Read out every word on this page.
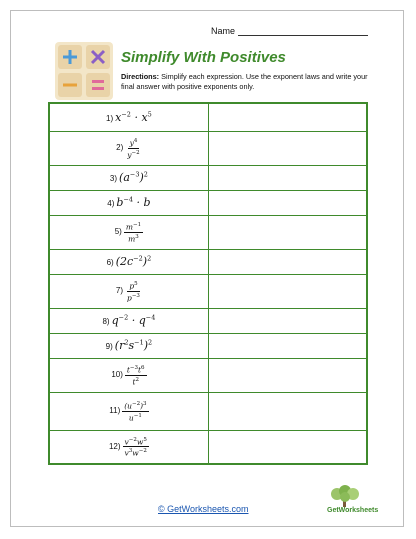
Name
Simplify With Positives
Directions: Simplify each expression. Use the exponent laws and write your final answer with positive exponents only.
1) $x^{-2} \cdot x^5$	
$2) \frac{y^4}{y^{-2}}$

3) $(a^{-3})^2$	
4) $b^{-4} \cdot b$	
$5) \frac{m^{-1}}{m^3}$

6) $(2c^{-2})^2$	
$7) \frac{p^5}{p^{-3}}$

8) $q^{-2} \cdot q^{-4}$	
9) $(r^2s^{-1})^2$	
$10) \frac{t^{-3}t^6}{t^2}$

$11) \frac{(u^{-2})^3}{u^{-1}}$

$12) \frac{v^{-2}w^5}{v^3w^{-2}}$

© GetWorksheets.com	GetWorksheets
